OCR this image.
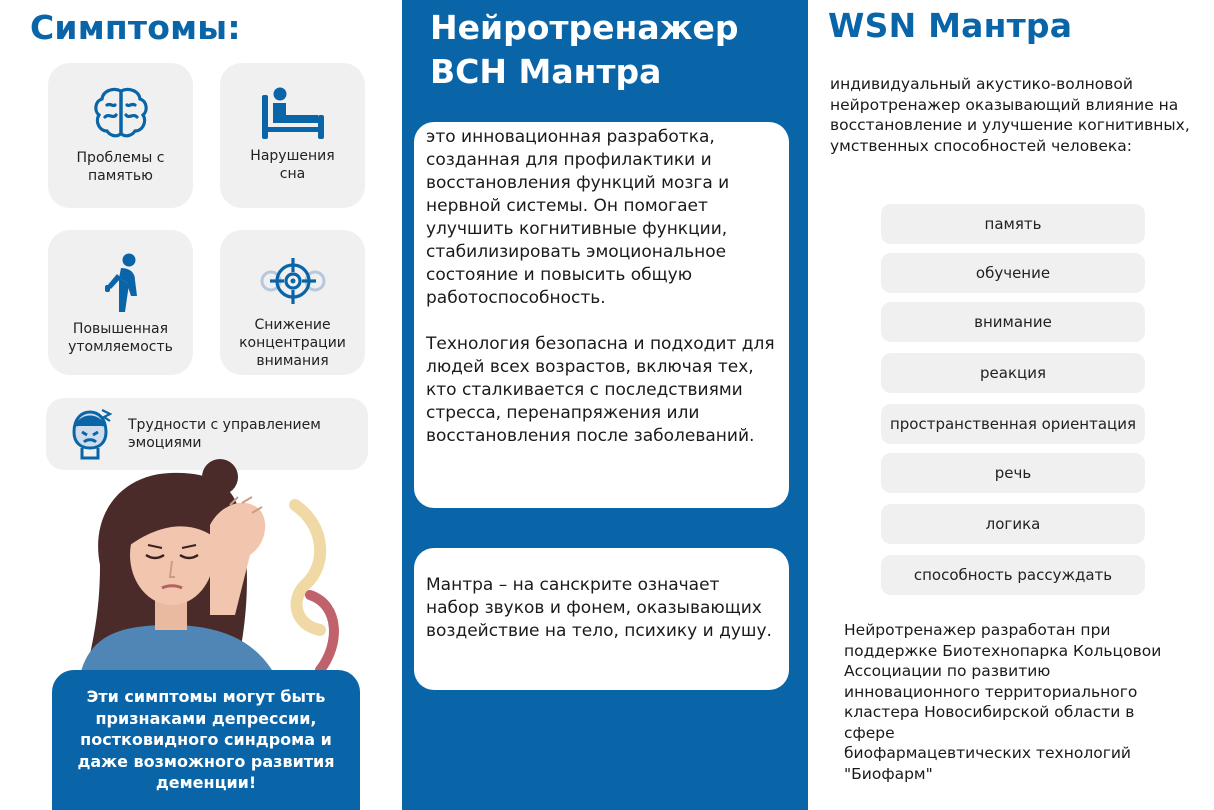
Симптомы:
Проблемы с памятью
Нарушения сна
Повышенная утомляемость
Снижение концентрации внимания
Трудности с управлением эмоциями
Эти симптомы могут быть признаками депрессии, постковидного синдрома и даже возможного развития деменции!
Нейротренажер
ВСН Мантра

это инновационная разработка, созданная для профилактики и восстановления функций мозга и нервной системы. Он помогает улучшить когнитивные функции, стабилизировать эмоциональное состояние и повысить общую работоспособность.

Технология безопасна и подходит для людей всех возрастов, включая тех, кто сталкивается с последствиями стресса, перенапряжения или восстановления после заболеваний.

Мантра – на санскрите означает набор звуков и фонем, оказывающих воздействие на тело, психику и душу.

WSN Мантра
индивидуальный акустико-волновой нейротренажер оказывающий влияние на восстановление и улучшение когнитивных, умственных способностей человека:
память
обучение
внимание
реакция
пространственная ориентация
речь
логика
способность рассуждать
Нейротренажер разработан при поддержке Биотехнопарка Кольцовои Ассоциации по развитию инновационного территориального кластера Новосибирской области в сфере
биофармацевтических технологий "Биофарм"
